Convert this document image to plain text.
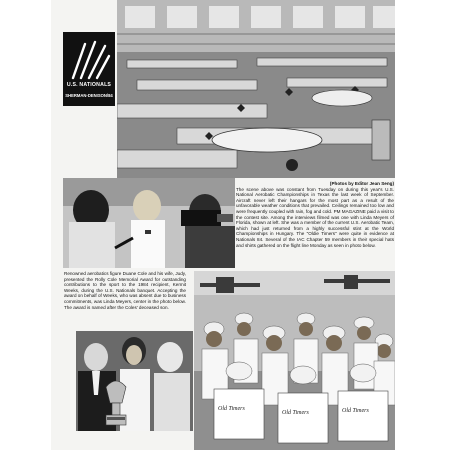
U.S. NATIONALS
SHERMAN-DENISON/84
(Photos by Editor Jean Seng)
The scene above was constant from Tuesday on during this year's U.S. National Aerobatic Championships in Texas the last week of September. Aircraft never left their hangars for the most part as a result of the unfavorable weather conditions that prevailed. Ceilings remained too low and were frequently coupled with rain, fog and cold. PM MAGAZINE paid a visit to the contest site. Among the interviews filmed was one with Linda Meyers of Florida, shown at left. She was a member of the current U.S. Aerobatic Team, which had just returned from a highly successful stint at the World Championships in Hungary. The "Oldie Timers" were quite in evidence at Nationals 84. Several of the IAC Chapter 59 members in their special hats and shirts gathered on the flight line Monday as seen in photo below.
Renowned aerobatics figure Duane Cole and his wife, Judy, presented the Rolly Cole Memorial Award for outstanding contributions to the sport to the 1984 recipient, Kermit Weeks, during the U.S. Nationals banquet. Accepting the award on behalf of Weeks, who was absent due to business commitments, was Linda Meyers, center in the photo below. The award is named after the Coles' deceased son.
Old Timers
Old Timers	Old Timers
